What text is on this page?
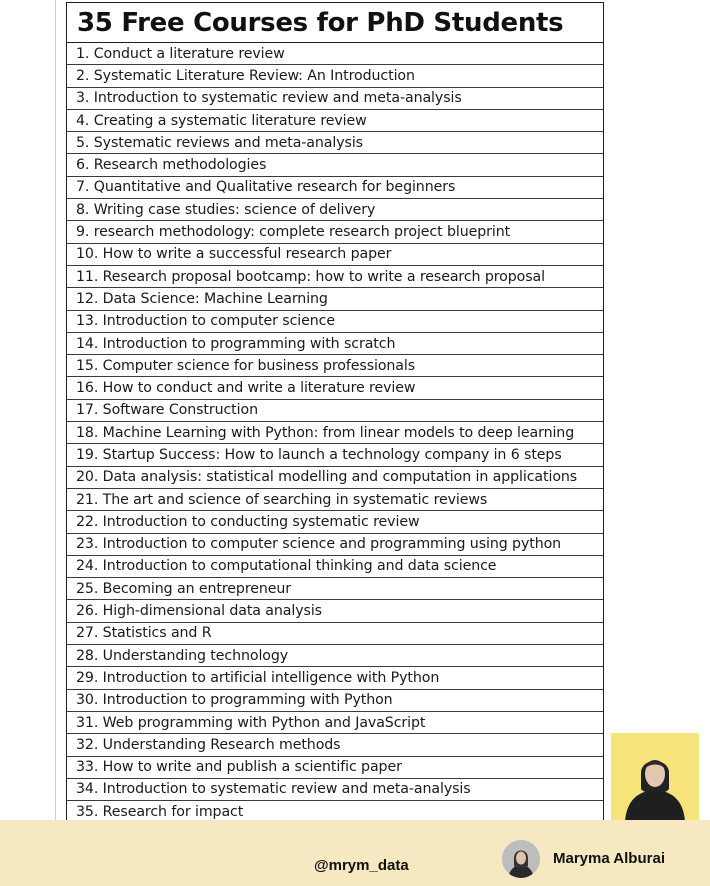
35 Free Courses for PhD Students
1. Conduct a literature review
2. Systematic Literature Review: An Introduction
3. Introduction to systematic review and meta-analysis
4. Creating a systematic literature review
5. Systematic reviews and meta-analysis
6. Research methodologies
7. Quantitative and Qualitative research for beginners
8. Writing case studies: science of delivery
9. research methodology: complete research project blueprint
10. How to write a successful research paper
11. Research proposal bootcamp: how to write a research proposal
12. Data Science: Machine Learning
13. Introduction to computer science
14. Introduction to programming with scratch
15. Computer science for business professionals
16. How to conduct and write a literature review
17. Software Construction
18. Machine Learning with Python: from linear models to deep learning
19. Startup Success: How to launch a technology company in 6 steps
20. Data analysis: statistical modelling and computation in applications
21. The art and science of searching in systematic reviews
22. Introduction to conducting systematic review
23. Introduction to computer science and programming using python
24. Introduction to computational thinking and data science
25. Becoming an entrepreneur
26. High-dimensional data analysis
27. Statistics and R
28. Understanding technology
29. Introduction to artificial intelligence with Python
30. Introduction to programming with Python
31. Web programming with Python and JavaScript
32. Understanding Research methods
33. How to write and publish a scientific paper
34. Introduction to systematic review and meta-analysis
35. Research for impact
@mrym_data	Maryma Alburai
